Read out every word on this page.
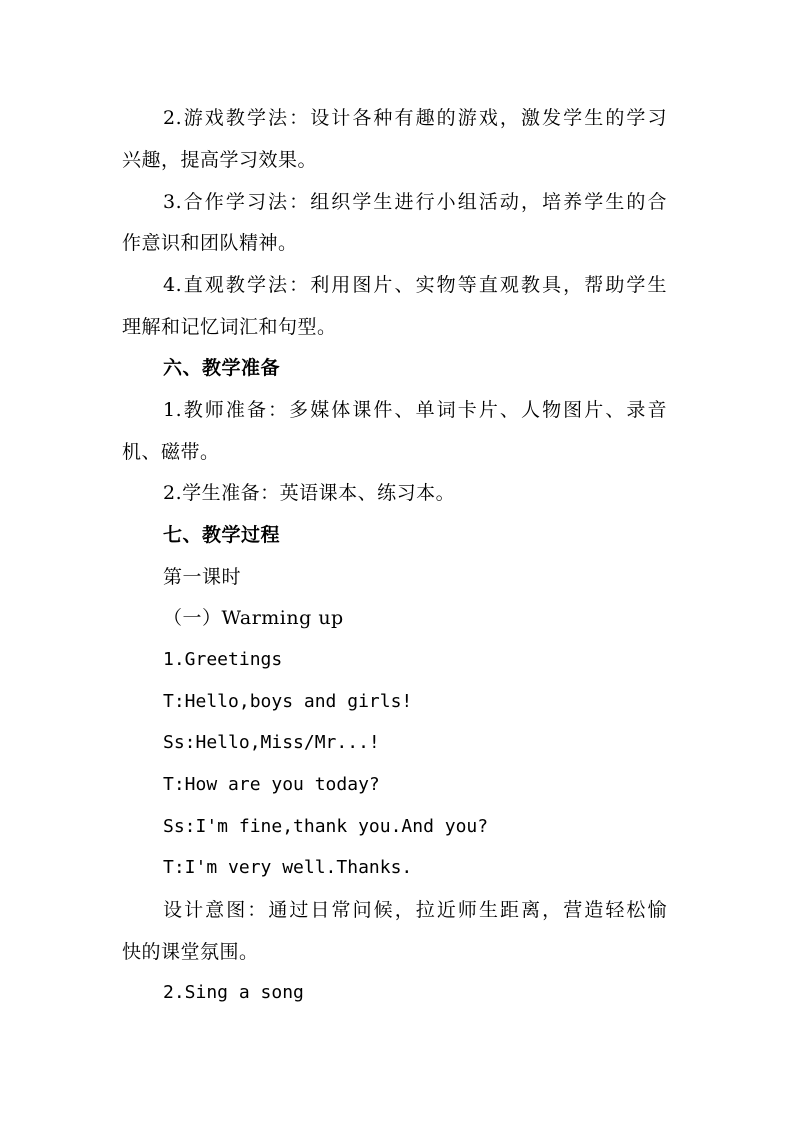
2.游戏教学法：设计各种有趣的游戏，激发学生的学习
兴趣，提高学习效果。
3.合作学习法：组织学生进行小组活动，培养学生的合
作意识和团队精神。
4.直观教学法：利用图片、实物等直观教具，帮助学生
理解和记忆词汇和句型。
六、教学准备
1.教师准备：多媒体课件、单词卡片、人物图片、录音
机、磁带。
2.学生准备：英语课本、练习本。
七、教学过程
第一课时
（一）Warming up
1.Greetings
T:Hello,boys and girls!
Ss:Hello,Miss/Mr...!
T:How are you today?
Ss:I'm fine,thank you.And you?
T:I'm very well.Thanks.
设计意图：通过日常问候，拉近师生距离，营造轻松愉
快的课堂氛围。
2.Sing a song
